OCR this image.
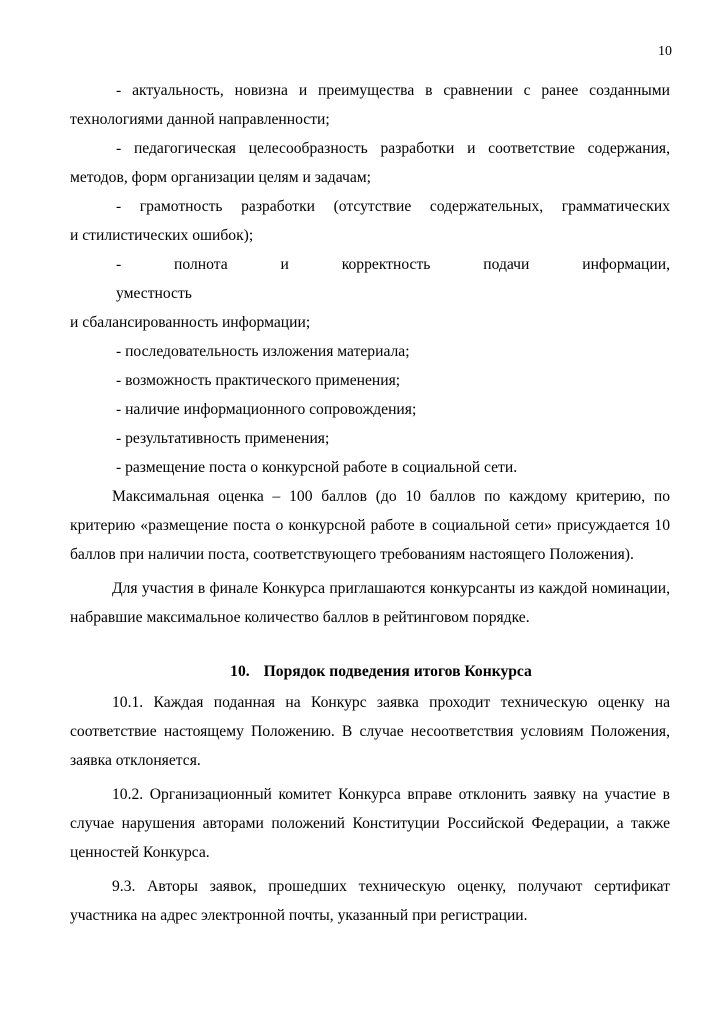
10

- актуальность, новизна и преимущества в сравнении с ранее созданными
технологиями данной направленности;

- педагогическая целесообразность разработки и соответствие содержания,
методов, форм организации целям и задачам;

- грамотность разработки (отсутствие содержательных, грамматических
и стилистических ошибок);

- полнота и корректность подачи информации, уместность
и сбалансированность информации;

- последовательность изложения материала;

- возможность практического применения;

- наличие информационного сопровождения;

- результативность применения;

- размещение поста о конкурсной работе в социальной сети.

Максимальная оценка – 100 баллов (до 10 баллов по каждому критерию, по критерию «размещение поста о конкурсной работе в социальной сети» присуждается 10 баллов при наличии поста, соответствующего требованиям настоящего Положения).

Для участия в финале Конкурса приглашаются конкурсанты из каждой номинации, набравшие максимальное количество баллов в рейтинговом порядке.

10. Порядок подведения итогов Конкурса

10.1. Каждая поданная на Конкурс заявка проходит техническую оценку на соответствие настоящему Положению. В случае несоответствия условиям Положения, заявка отклоняется.

10.2. Организационный комитет Конкурса вправе отклонить заявку на участие в случае нарушения авторами положений Конституции Российской Федерации, а также ценностей Конкурса.

9.3. Авторы заявок, прошедших техническую оценку, получают сертификат участника на адрес электронной почты, указанный при регистрации.
